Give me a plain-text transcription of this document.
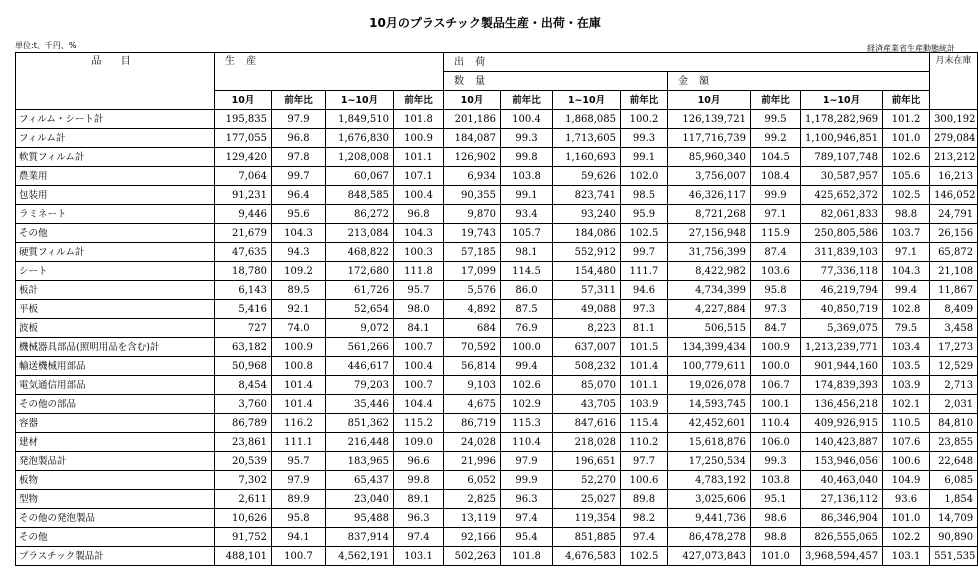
10月のプラスチック製品生産・出荷・在庫
単位:t、千円、%	経済産業省生産動態統計
品 目	生 産				出 荷								月末在庫
					数 量				金 額				
	10月	前年比	1~10月	前年比	10月	前年比	1~10月	前年比	10月	前年比	1~10月	前年比	
フィルム・シート計	195,835	97.9	1,849,510	101.8	201,186	100.4	1,868,085	100.2	126,139,721	99.5	1,178,282,969	101.2	300,192
フィルム計	177,055	96.8	1,676,830	100.9	184,087	99.3	1,713,605	99.3	117,716,739	99.2	1,100,946,851	101.0	279,084
軟質フィルム計	129,420	97.8	1,208,008	101.1	126,902	99.8	1,160,693	99.1	85,960,340	104.5	789,107,748	102.6	213,212
農業用	7,064	99.7	60,067	107.1	6,934	103.8	59,626	102.0	3,756,007	108.4	30,587,957	105.6	16,213
包装用	91,231	96.4	848,585	100.4	90,355	99.1	823,741	98.5	46,326,117	99.9	425,652,372	102.5	146,052
ラミネート	9,446	95.6	86,272	96.8	9,870	93.4	93,240	95.9	8,721,268	97.1	82,061,833	98.8	24,791
その他	21,679	104.3	213,084	104.3	19,743	105.7	184,086	102.5	27,156,948	115.9	250,805,586	103.7	26,156
硬質フィルム計	47,635	94.3	468,822	100.3	57,185	98.1	552,912	99.7	31,756,399	87.4	311,839,103	97.1	65,872
シート	18,780	109.2	172,680	111.8	17,099	114.5	154,480	111.7	8,422,982	103.6	77,336,118	104.3	21,108
板計	6,143	89.5	61,726	95.7	5,576	86.0	57,311	94.6	4,734,399	95.8	46,219,794	99.4	11,867
平板	5,416	92.1	52,654	98.0	4,892	87.5	49,088	97.3	4,227,884	97.3	40,850,719	102.8	8,409
波板	727	74.0	9,072	84.1	684	76.9	8,223	81.1	506,515	84.7	5,369,075	79.5	3,458
機械器具部品(照明用品を含む)計	63,182	100.9	561,266	100.7	70,592	100.0	637,007	101.5	134,399,434	100.9	1,213,239,771	103.4	17,273
輸送機械用部品	50,968	100.8	446,617	100.4	56,814	99.4	508,232	101.4	100,779,611	100.0	901,944,160	103.5	12,529
電気通信用部品	8,454	101.4	79,203	100.7	9,103	102.6	85,070	101.1	19,026,078	106.7	174,839,393	103.9	2,713
その他の部品	3,760	101.4	35,446	104.4	4,675	102.9	43,705	103.9	14,593,745	100.1	136,456,218	102.1	2,031
容器	86,789	116.2	851,362	115.2	86,719	115.3	847,616	115.4	42,452,601	110.4	409,926,915	110.5	84,810
建材	23,861	111.1	216,448	109.0	24,028	110.4	218,028	110.2	15,618,876	106.0	140,423,887	107.6	23,855
発泡製品計	20,539	95.7	183,965	96.6	21,996	97.9	196,651	97.7	17,250,534	99.3	153,946,056	100.6	22,648
板物	7,302	97.9	65,437	99.8	6,052	99.9	52,270	100.6	4,783,192	103.8	40,463,040	104.9	6,085
型物	2,611	89.9	23,040	89.1	2,825	96.3	25,027	89.8	3,025,606	95.1	27,136,112	93.6	1,854
その他の発泡製品	10,626	95.8	95,488	96.3	13,119	97.4	119,354	98.2	9,441,736	98.6	86,346,904	101.0	14,709
その他	91,752	94.1	837,914	97.4	92,166	95.4	851,885	97.4	86,478,278	98.8	826,555,065	102.2	90,890
プラスチック製品計	488,101	100.7	4,562,191	103.1	502,263	101.8	4,676,583	102.5	427,073,843	101.0	3,968,594,457	103.1	551,535
